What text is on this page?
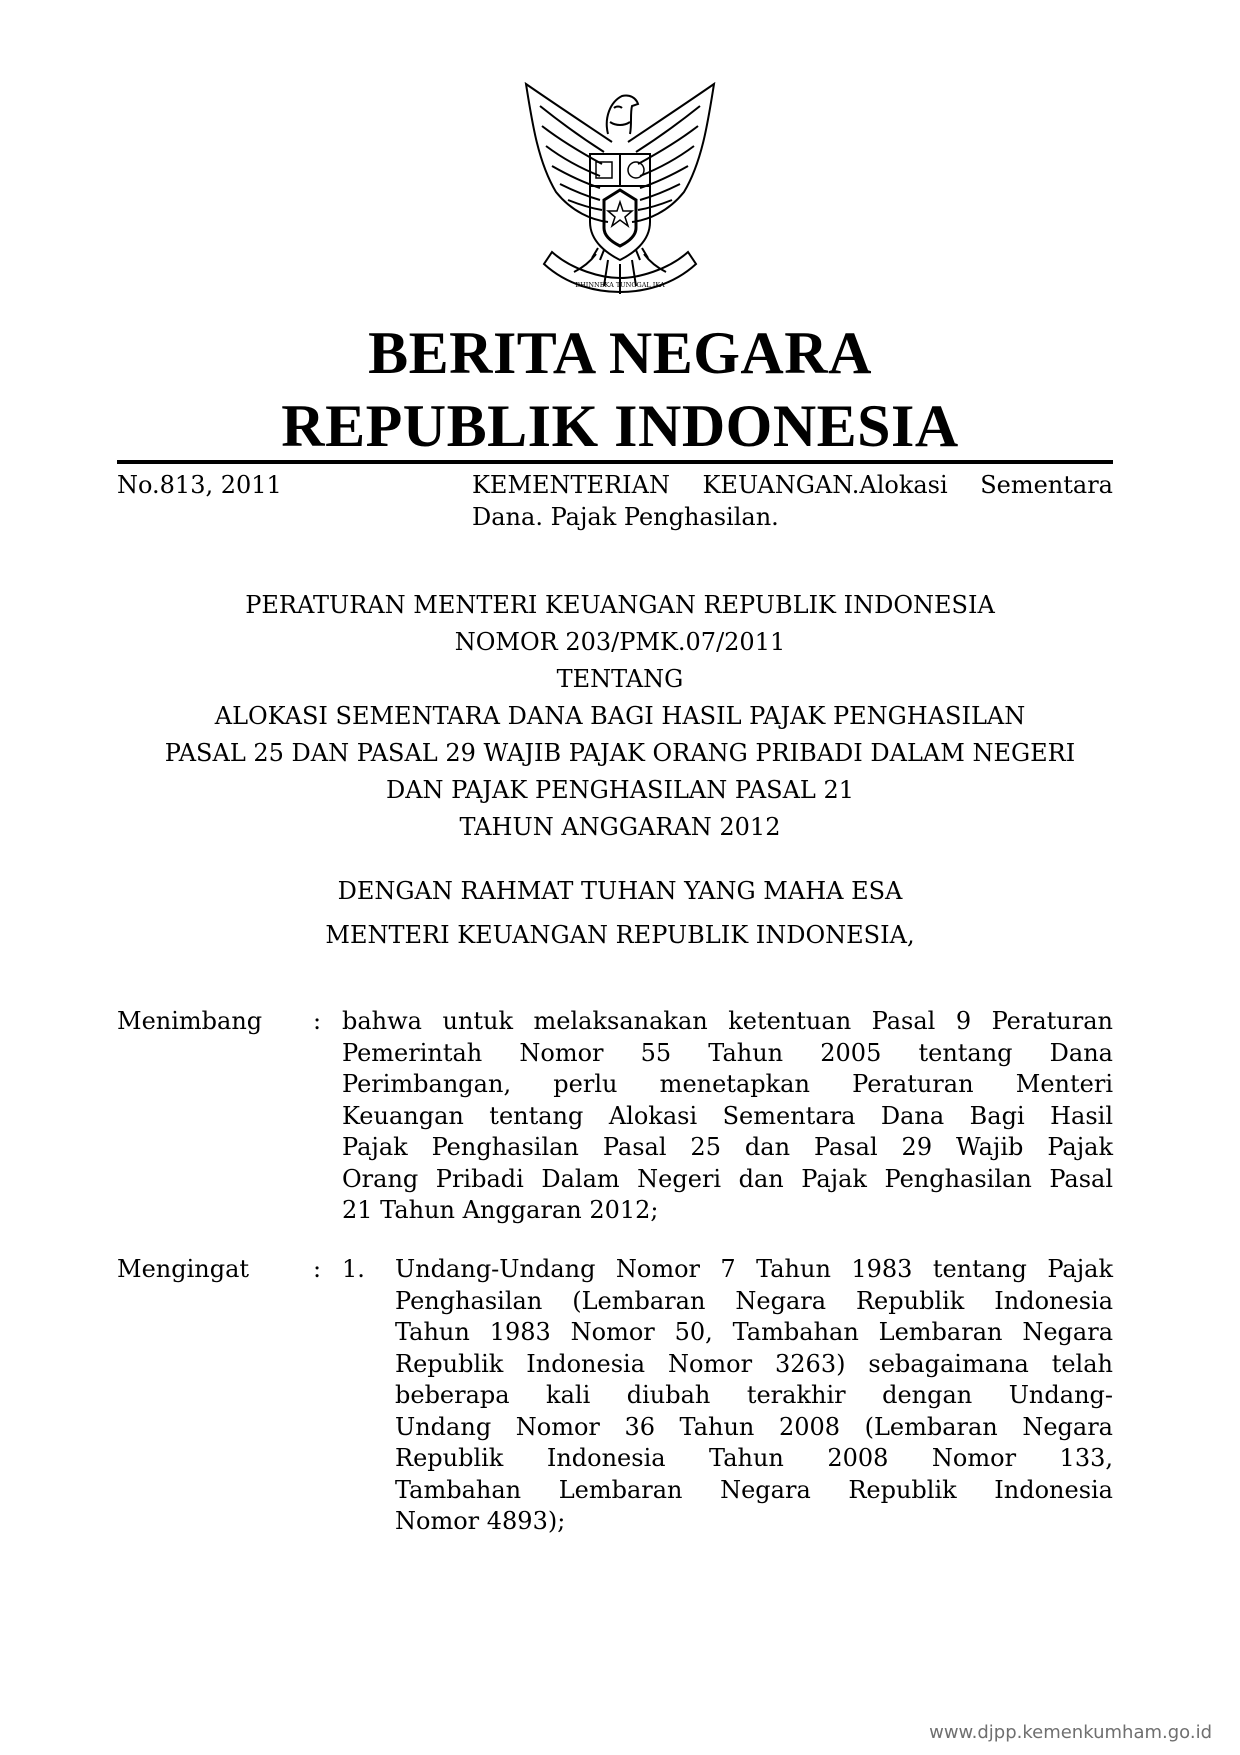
BHINNEKA TUNGGAL IKA
BERITA NEGARA
REPUBLIK INDONESIA
No.813, 2011	KEMENTERIAN KEUANGAN.Alokasi Sementara
Dana. Pajak Penghasilan.
PERATURAN MENTERI KEUANGAN REPUBLIK INDONESIA
NOMOR 203/PMK.07/2011
TENTANG
ALOKASI SEMENTARA DANA BAGI HASIL PAJAK PENGHASILAN
PASAL 25 DAN PASAL 29 WAJIB PAJAK ORANG PRIBADI DALAM NEGERI
DAN PAJAK PENGHASILAN PASAL 21
TAHUN ANGGARAN 2012
DENGAN RAHMAT TUHAN YANG MAHA ESA
MENTERI KEUANGAN REPUBLIK INDONESIA,
Menimbang : bahwa untuk melaksanakan ketentuan Pasal 9 Peraturan
Pemerintah Nomor 55 Tahun 2005 tentang Dana
Perimbangan, perlu menetapkan Peraturan Menteri
Keuangan tentang Alokasi Sementara Dana Bagi Hasil
Pajak Penghasilan Pasal 25 dan Pasal 29 Wajib Pajak
Orang Pribadi Dalam Negeri dan Pajak Penghasilan Pasal
21 Tahun Anggaran 2012;
Mengingat	: 1. Undang-Undang Nomor 7 Tahun 1983 tentang Pajak
Penghasilan (Lembaran Negara Republik Indonesia
Tahun 1983 Nomor 50, Tambahan Lembaran Negara
Republik Indonesia Nomor 3263) sebagaimana telah
beberapa kali diubah terakhir dengan Undang-
Undang Nomor 36 Tahun 2008 (Lembaran Negara
Republik Indonesia Tahun 2008 Nomor 133,
Tambahan Lembaran Negara Republik Indonesia
Nomor 4893);
www.djpp.kemenkumham.go.id
